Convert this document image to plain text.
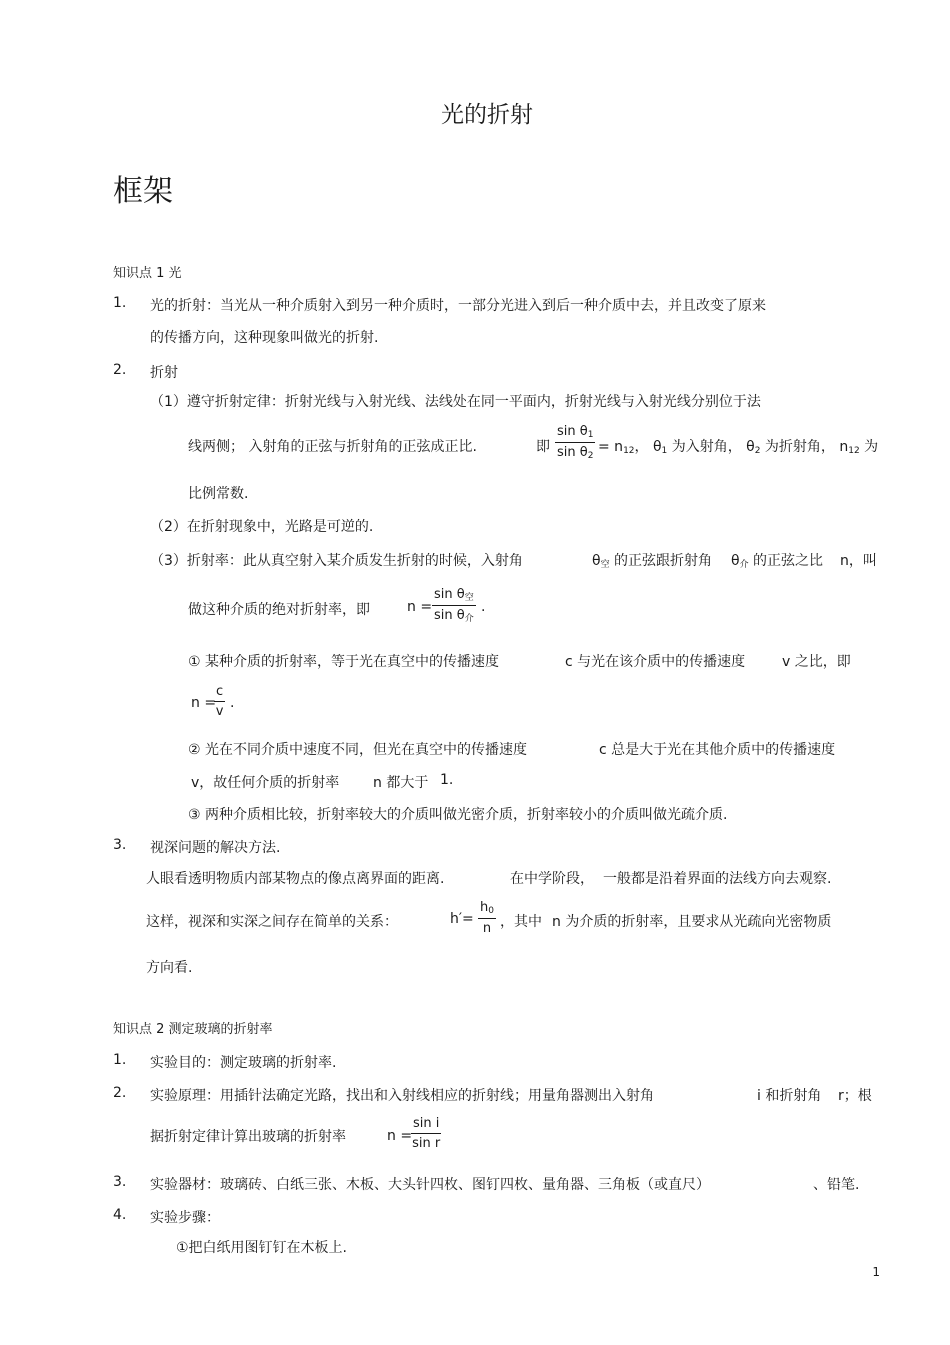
光的折射
框架
知识点 1 光
1. 光的折射：当光从一种介质射入到另一种介质时，一部分光进入到后一种介质中去，并且改变了原来
的传播方向，这种现象叫做光的折射.
2. 折射
（1）遵守折射定律：折射光线与入射光线、法线处在同一平面内，折射光线与入射光线分别位于法
线两侧； 入射角的正弦与折射角的正弦成正比.	即 $\frac{\sin \theta_1}{\sin \theta_2} = n_{12}$， $\theta_1$ 为入射角， $\theta_2$ 为折射角， $n_{12}$ 为
比例常数.
（2）在折射现象中，光路是可逆的.
（3）折射率：此从真空射入某介质发生折射的时候，入射角	$\theta_空$ 的正弦跟折射角 $\theta_介$ 的正弦之比 n，叫
做这种介质的绝对折射率，即	n =
$\sin \theta_空$
$\sin \theta_介$
.
① 某种介质的折射率，等于光在真空中的传播速度	c 与光在该介质中的传播速度	v 之比，即
n =
$\frac{c}{v}$ .
② 光在不同介质中速度不同，但光在真空中的传播速度	c 总是大于光在其他介质中的传播速度
v，故任何介质的折射率 n 都大于 1.
③ 两种介质相比较，折射率较大的介质叫做光密介质，折射率较小的介质叫做光疏介质.
3. 视深问题的解决方法.
人眼看透明物质内部某物点的像点离界面的距离.	在中学阶段， 一般都是沿着界面的法线方向去观察.
这样，视深和实深之间存在简单的关系：	$h'= \frac{h_0}{n}$ ，其中 n 为介质的折射率，且要求从光疏向光密物质
方向看.
知识点 2 测定玻璃的折射率
1. 实验目的：测定玻璃的折射率.
2. 实验原理：用插针法确定光路，找出和入射线相应的折射线；用量角器测出入射角	i 和折射角 r；根
据折射定律计算出玻璃的折射率	n =
$\frac{\text{sin i}}{\text{sin r}}$
3. 实验器材：玻璃砖、白纸三张、木板、大头针四枚、图钉四枚、量角器、三角板（或直尺）	、铅笔.
4. 实验步骤：
①把白纸用图钉钉在木板上.
1
